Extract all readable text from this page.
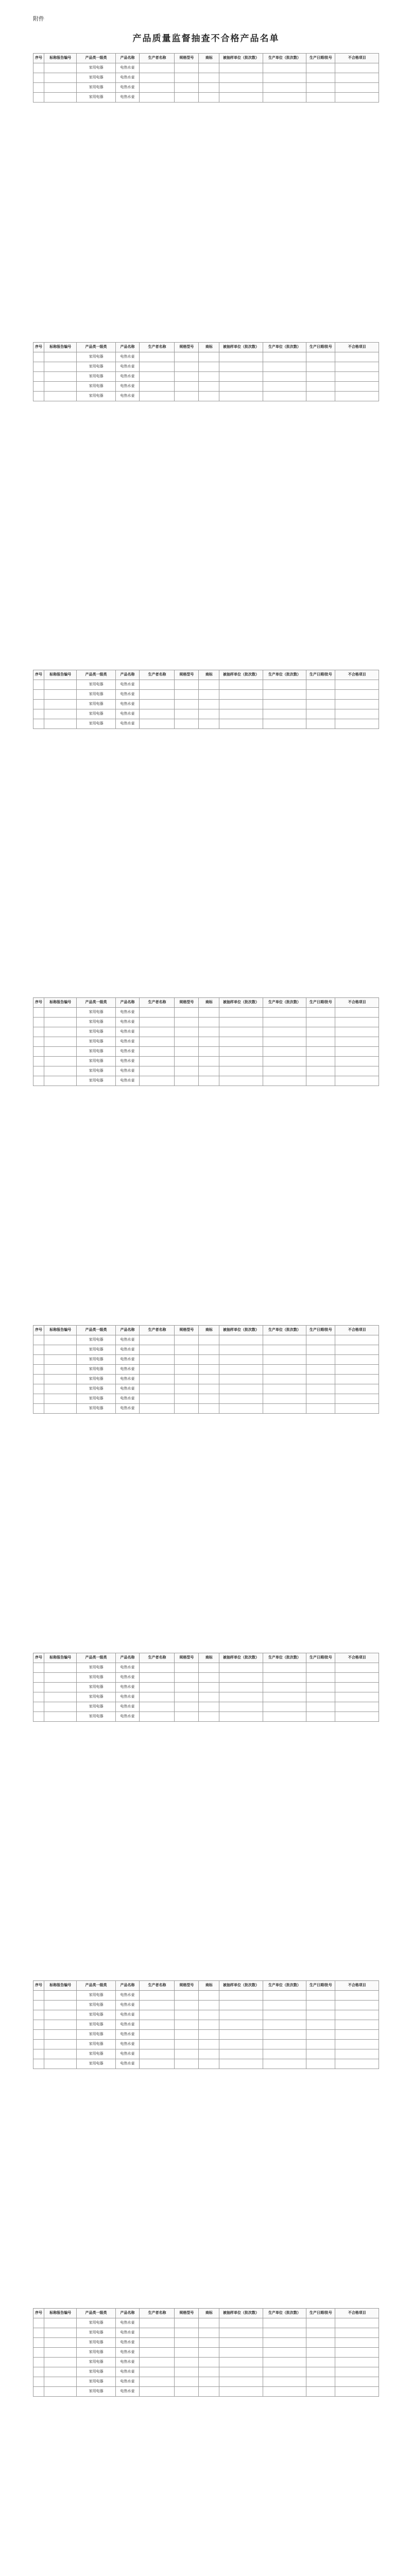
附件
产品质量监督抽查不合格产品名单
序号	标称报告编号	产品类一级类	产品名称	生产者名称	规格型号	商标	被抽样单位（批次数）	生产单位（批次数）	生产日期/批号	不合格项目
		家用电器	电热水壶							
		家用电器	电热水壶							
		家用电器	电热水壶							
		家用电器	电热水壶							
序号	标称报告编号	产品类一级类	产品名称	生产者名称	规格型号	商标	被抽样单位（批次数）	生产单位（批次数）	生产日期/批号	不合格项目
		家用电器	电热水壶							
		家用电器	电热水壶							
		家用电器	电热水壶							
		家用电器	电热水壶							
		家用电器	电热水壶							
序号	标称报告编号	产品类一级类	产品名称	生产者名称	规格型号	商标	被抽样单位（批次数）	生产单位（批次数）	生产日期/批号	不合格项目
		家用电器	电热水壶							
		家用电器	电热水壶							
		家用电器	电热水壶							
		家用电器	电热水壶							
		家用电器	电热水壶							
序号	标称报告编号	产品类一级类	产品名称	生产者名称	规格型号	商标	被抽样单位（批次数）	生产单位（批次数）	生产日期/批号	不合格项目
		家用电器	电热水壶							
		家用电器	电热水壶							
		家用电器	电热水壶							
		家用电器	电热水壶							
		家用电器	电热水壶							
		家用电器	电热水壶							
		家用电器	电热水壶							
		家用电器	电热水壶							
序号	标称报告编号	产品类一级类	产品名称	生产者名称	规格型号	商标	被抽样单位（批次数）	生产单位（批次数）	生产日期/批号	不合格项目
		家用电器	电热水壶							
		家用电器	电热水壶							
		家用电器	电热水壶							
		家用电器	电热水壶							
		家用电器	电热水壶							
		家用电器	电热水壶							
		家用电器	电热水壶							
		家用电器	电热水壶							
序号	标称报告编号	产品类一级类	产品名称	生产者名称	规格型号	商标	被抽样单位（批次数）	生产单位（批次数）	生产日期/批号	不合格项目
		家用电器	电热水壶							
		家用电器	电热水壶							
		家用电器	电热水壶							
		家用电器	电热水壶							
		家用电器	电热水壶							
		家用电器	电热水壶							
序号	标称报告编号	产品类一级类	产品名称	生产者名称	规格型号	商标	被抽样单位（批次数）	生产单位（批次数）	生产日期/批号	不合格项目
		家用电器	电热水壶							
		家用电器	电热水壶							
		家用电器	电热水壶							
		家用电器	电热水壶							
		家用电器	电热水壶							
		家用电器	电热水壶							
		家用电器	电热水壶							
		家用电器	电热水壶							
序号	标称报告编号	产品类一级类	产品名称	生产者名称	规格型号	商标	被抽样单位（批次数）	生产单位（批次数）	生产日期/批号	不合格项目
		家用电器	电热水壶							
		家用电器	电热水壶							
		家用电器	电热水壶							
		家用电器	电热水壶							
		家用电器	电热水壶							
		家用电器	电热水壶							
		家用电器	电热水壶							
		家用电器	电热水壶							
